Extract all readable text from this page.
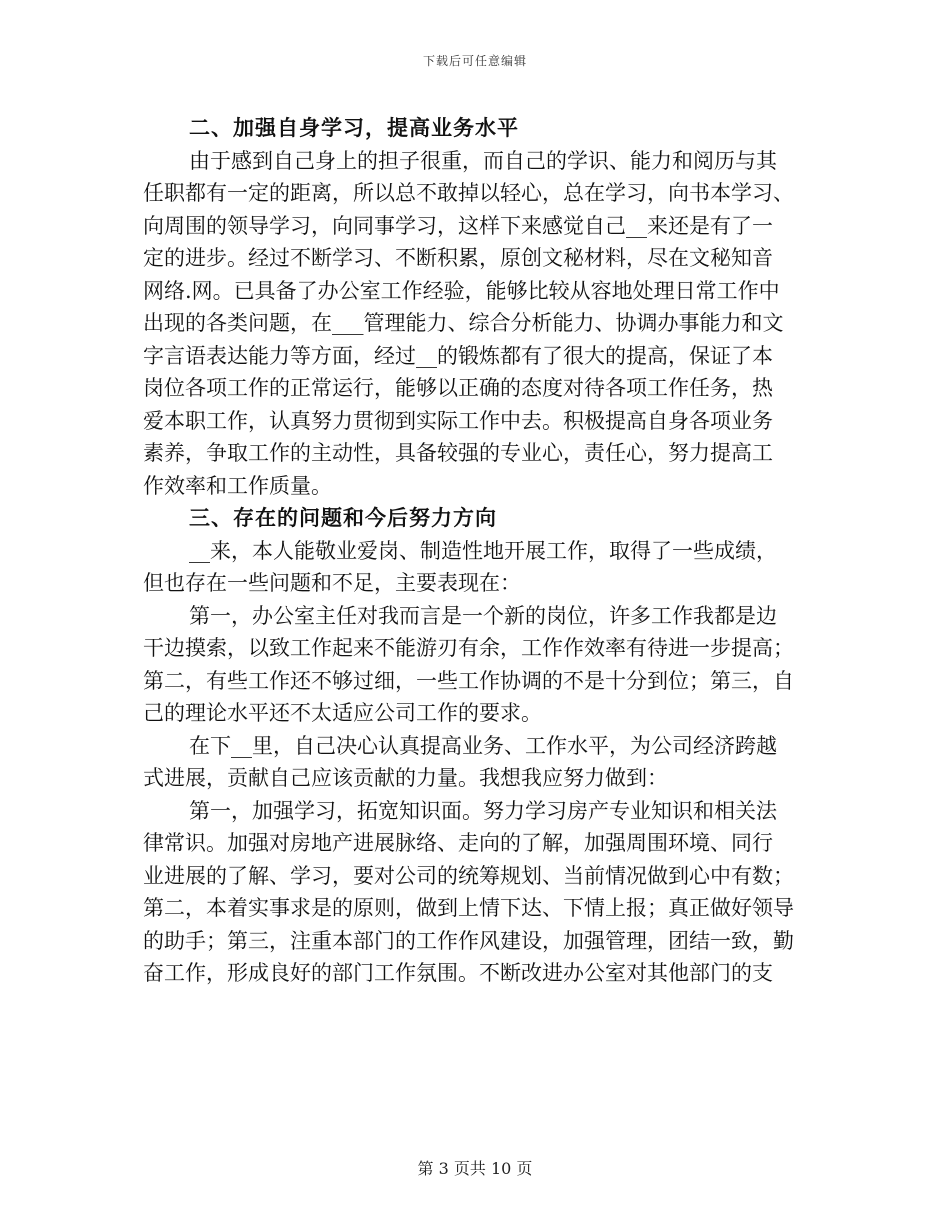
下载后可任意编辑
二、加强自身学习，提高业务水平
由于感到自己身上的担子很重，而自己的学识、能力和阅历与其
任职都有一定的距离，所以总不敢掉以轻心，总在学习，向书本学习、
向周围的领导学习，向同事学习，这样下来感觉自己__来还是有了一
定的进步。经过不断学习、不断积累，原创文秘材料，尽在文秘知音
网络.网。已具备了办公室工作经验，能够比较从容地处理日常工作中
出现的各类问题，在___管理能力、综合分析能力、协调办事能力和文
字言语表达能力等方面，经过__的锻炼都有了很大的提高，保证了本
岗位各项工作的正常运行，能够以正确的态度对待各项工作任务，热
爱本职工作，认真努力贯彻到实际工作中去。积极提高自身各项业务
素养，争取工作的主动性，具备较强的专业心，责任心，努力提高工
作效率和工作质量。
三、存在的问题和今后努力方向
__来，本人能敬业爱岗、制造性地开展工作，取得了一些成绩，
但也存在一些问题和不足，主要表现在：
第一，办公室主任对我而言是一个新的岗位，许多工作我都是边
干边摸索，以致工作起来不能游刃有余，工作作效率有待进一步提高；
第二，有些工作还不够过细，一些工作协调的不是十分到位；第三，自
己的理论水平还不太适应公司工作的要求。
在下__里，自己决心认真提高业务、工作水平，为公司经济跨越
式进展，贡献自己应该贡献的力量。我想我应努力做到：
第一，加强学习，拓宽知识面。努力学习房产专业知识和相关法
律常识。加强对房地产进展脉络、走向的了解，加强周围环境、同行
业进展的了解、学习，要对公司的统筹规划、当前情况做到心中有数；
第二，本着实事求是的原则，做到上情下达、下情上报；真正做好领导
的助手；第三，注重本部门的工作作风建设，加强管理，团结一致，勤
奋工作，形成良好的部门工作氛围。不断改进办公室对其他部门的支
第 3 页共 10 页
